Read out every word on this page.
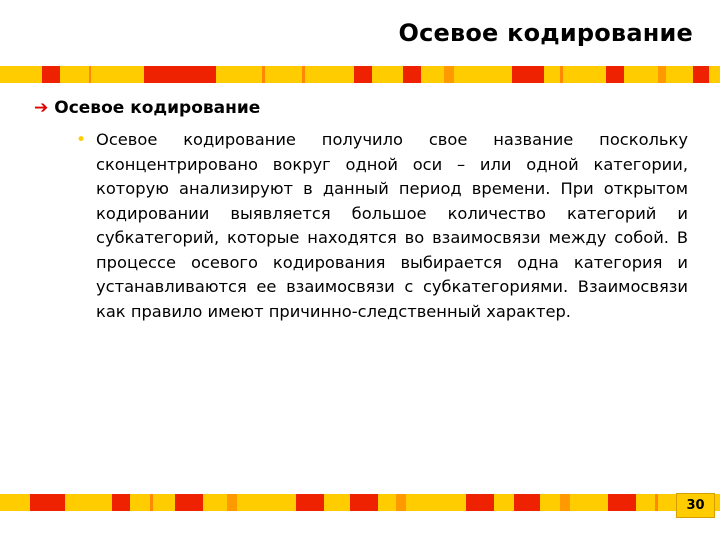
Осевое кодирование
➔ Осевое кодирование
• Осевое кодирование получило свое название поскольку сконцентрировано вокруг одной оси – или одной категории, которую анализируют в данный период времени. При открытом кодировании выявляется большое количество категорий и субкатегорий, которые находятся во взаимосвязи между собой. В процессе осевого кодирования выбирается одна категория и устанавливаются ее взаимосвязи с субкатегориями. Взаимосвязи как правило имеют причинно-следственный характер.
30
